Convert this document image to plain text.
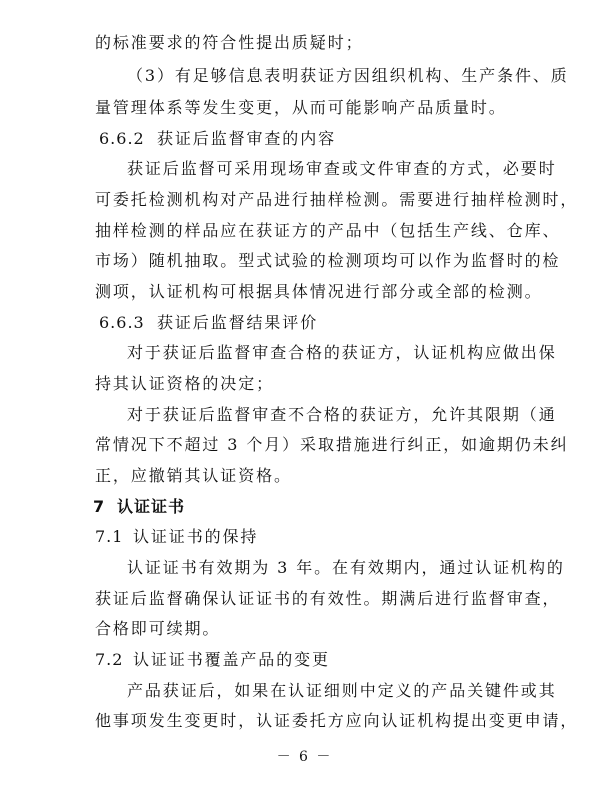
的标准要求的符合性提出质疑时；
（3）有足够信息表明获证方因组织机构、生产条件、质
量管理体系等发生变更，从而可能影响产品质量时。
6.6.2 获证后监督审查的内容
获证后监督可采用现场审查或文件审查的方式，必要时
可委托检测机构对产品进行抽样检测。需要进行抽样检测时，
抽样检测的样品应在获证方的产品中（包括生产线、仓库、
市场）随机抽取。型式试验的检测项均可以作为监督时的检
测项，认证机构可根据具体情况进行部分或全部的检测。
6.6.3 获证后监督结果评价
对于获证后监督审查合格的获证方，认证机构应做出保
持其认证资格的决定；
对于获证后监督审查不合格的获证方，允许其限期（通
常情况下不超过 3 个月）采取措施进行纠正，如逾期仍未纠
正，应撤销其认证资格。
7 认证证书
7.1 认证证书的保持
认证证书有效期为 3 年。在有效期内，通过认证机构的
获证后监督确保认证证书的有效性。期满后进行监督审查，
合格即可续期。
7.2 认证证书覆盖产品的变更
产品获证后，如果在认证细则中定义的产品关键件或其
他事项发生变更时，认证委托方应向认证机构提出变更申请，
－ 6 －
